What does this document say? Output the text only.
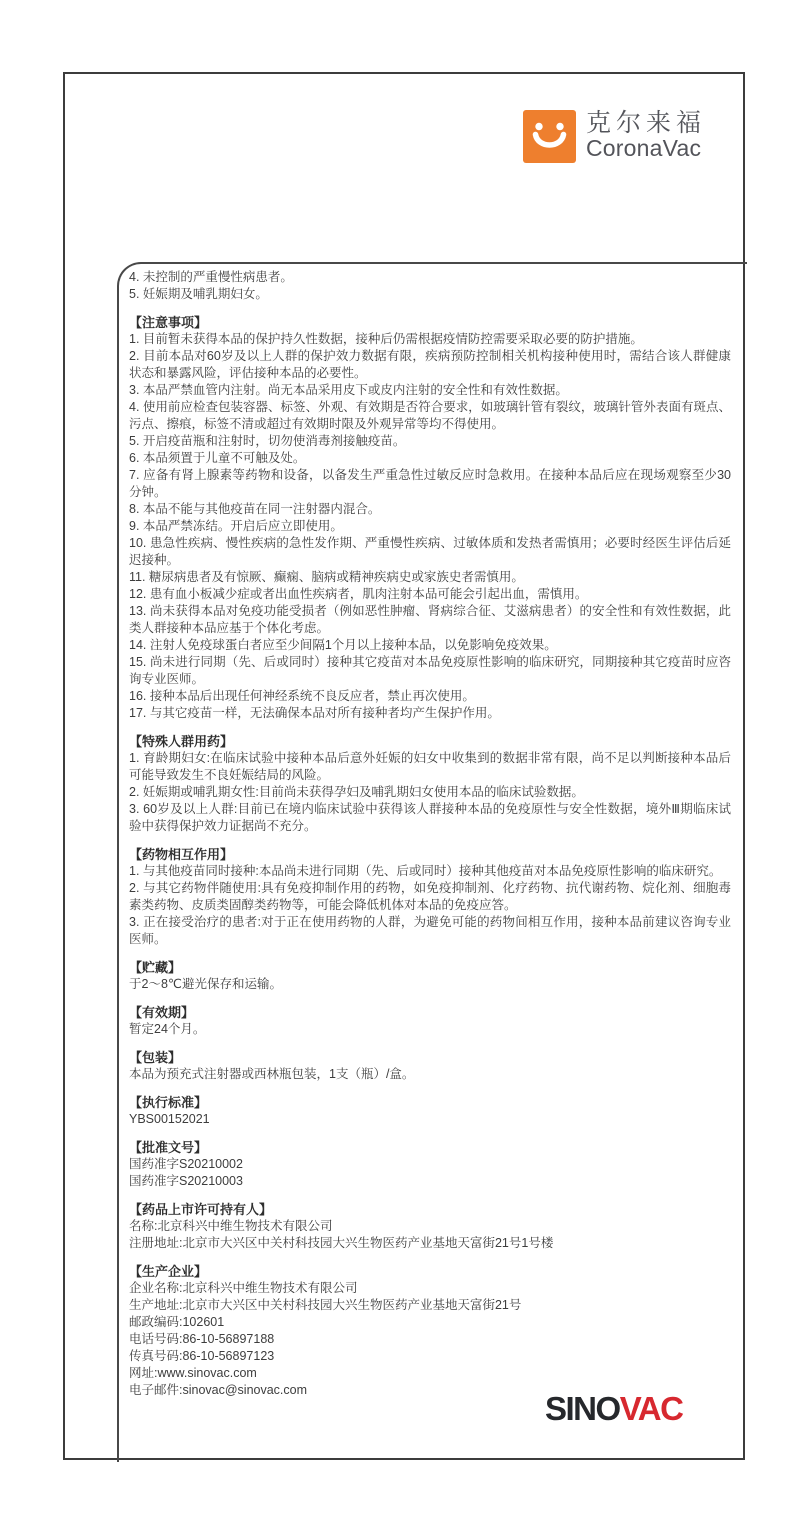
克尔来福
CoronaVac

4. 未控制的严重慢性病患者。

5. 妊娠期及哺乳期妇女。

【注意事项】

1. 目前暂未获得本品的保护持久性数据，接种后仍需根据疫情防控需要采取必要的防护措施。

2. 目前本品对60岁及以上人群的保护效力数据有限，疾病预防控制相关机构接种使用时，需结合该人群健康状态和暴露风险，评估接种本品的必要性。

3. 本品严禁血管内注射。尚无本品采用皮下或皮内注射的安全性和有效性数据。

4. 使用前应检查包装容器、标签、外观、有效期是否符合要求，如玻璃针管有裂纹，玻璃针管外表面有斑点、污点、擦痕，标签不清或超过有效期时限及外观异常等均不得使用。

5. 开启疫苗瓶和注射时，切勿使消毒剂接触疫苗。

6. 本品须置于儿童不可触及处。

7. 应备有肾上腺素等药物和设备，以备发生严重急性过敏反应时急救用。在接种本品后应在现场观察至少30分钟。

8. 本品不能与其他疫苗在同一注射器内混合。

9. 本品严禁冻结。开启后应立即使用。

10. 患急性疾病、慢性疾病的急性发作期、严重慢性疾病、过敏体质和发热者需慎用；必要时经医生评估后延迟接种。

11. 糖尿病患者及有惊厥、癫痫、脑病或精神疾病史或家族史者需慎用。

12. 患有血小板减少症或者出血性疾病者，肌肉注射本品可能会引起出血，需慎用。

13. 尚未获得本品对免疫功能受损者（例如恶性肿瘤、肾病综合征、艾滋病患者）的安全性和有效性数据，此类人群接种本品应基于个体化考虑。

14. 注射人免疫球蛋白者应至少间隔1个月以上接种本品，以免影响免疫效果。

15. 尚未进行同期（先、后或同时）接种其它疫苗对本品免疫原性影响的临床研究，同期接种其它疫苗时应咨询专业医师。

16. 接种本品后出现任何神经系统不良反应者，禁止再次使用。

17. 与其它疫苗一样，无法确保本品对所有接种者均产生保护作用。

【特殊人群用药】

1. 育龄期妇女:在临床试验中接种本品后意外妊娠的妇女中收集到的数据非常有限，尚不足以判断接种本品后可能导致发生不良妊娠结局的风险。

2. 妊娠期或哺乳期女性:目前尚未获得孕妇及哺乳期妇女使用本品的临床试验数据。

3. 60岁及以上人群:目前已在境内临床试验中获得该人群接种本品的免疫原性与安全性数据，境外Ⅲ期临床试验中获得保护效力证据尚不充分。

【药物相互作用】

1. 与其他疫苗同时接种:本品尚未进行同期（先、后或同时）接种其他疫苗对本品免疫原性影响的临床研究。

2. 与其它药物伴随使用:具有免疫抑制作用的药物，如免疫抑制剂、化疗药物、抗代谢药物、烷化剂、细胞毒素类药物、皮质类固醇类药物等，可能会降低机体对本品的免疫应答。

3. 正在接受治疗的患者:对于正在使用药物的人群，为避免可能的药物间相互作用，接种本品前建议咨询专业医师。

【贮藏】

于2～8℃避光保存和运输。

【有效期】

暂定24个月。

【包装】

本品为预充式注射器或西林瓶包装，1支（瓶）/盒。

【执行标准】

YBS00152021

【批准文号】

国药准字S20210002

国药准字S20210003

【药品上市许可持有人】

名称:北京科兴中维生物技术有限公司

注册地址:北京市大兴区中关村科技园大兴生物医药产业基地天富街21号1号楼

【生产企业】

企业名称:北京科兴中维生物技术有限公司

生产地址:北京市大兴区中关村科技园大兴生物医药产业基地天富街21号

邮政编码:102601

电话号码:86-10-56897188

传真号码:86-10-56897123

网址:www.sinovac.com

电子邮件:sinovac@sinovac.com	SINOVAC
